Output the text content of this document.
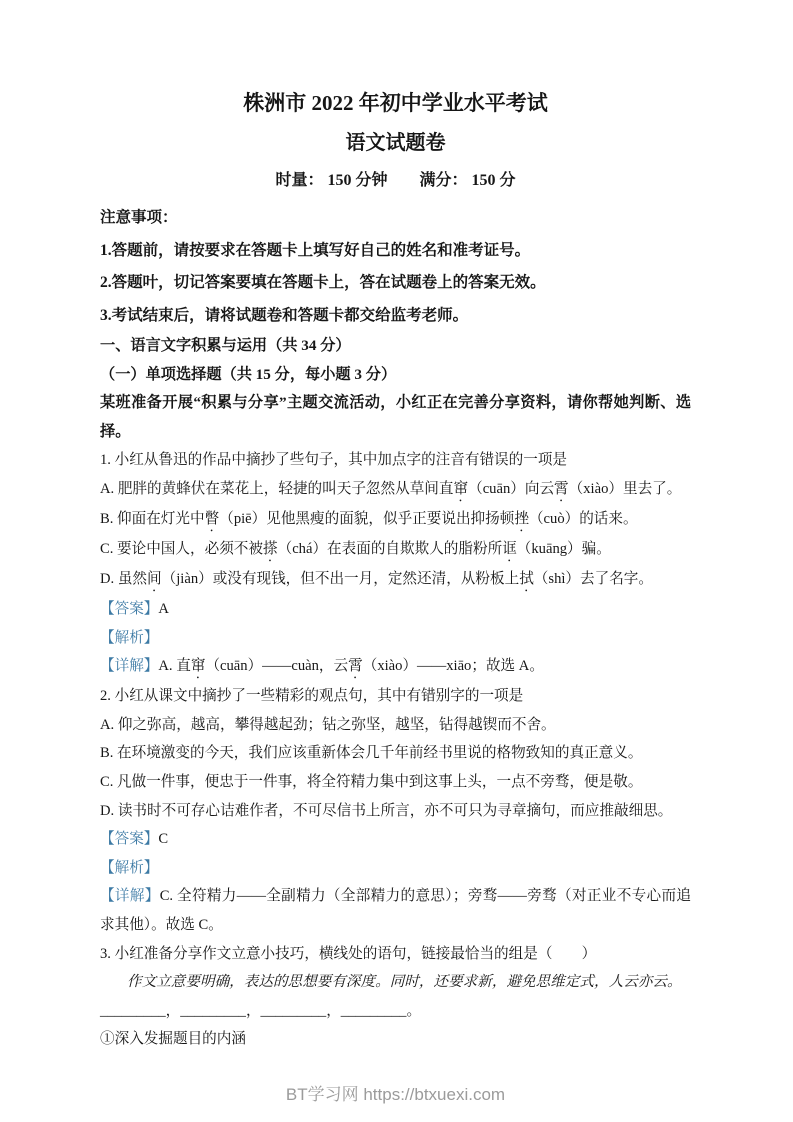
株洲市 2022 年初中学业水平考试
语文试题卷

时量： 150 分钟　　满分： 150 分

注意事项：

1.答题前，请按要求在答题卡上填写好自己的姓名和准考证号。

2.答题叶，切记答案要填在答题卡上，答在试题卷上的答案无效。

3.考试结束后，请将试题卷和答题卡都交给监考老师。

一、语言文字积累与运用（共 34 分）

（一）单项选择题（共 15 分，每小题 3 分）

某班准备开展“积累与分享”主题交流活动，小红正在完善分享资料，请你帮她判断、选择。

1. 小红从鲁迅的作品中摘抄了些句子，其中加点字的注音有错误的一项是

A. 肥胖的黄蜂伏在菜花上，轻捷的叫天子忽然从草间直窜（cuān）向云霄（xiào）里去了。

B. 仰面在灯光中瞥（piē）见他黑瘦的面貌，似乎正要说出抑扬顿挫（cuò）的话来。

C. 要论中国人，必须不被搽（chá）在表面的自欺欺人的脂粉所诓（kuāng）骗。

D. 虽然间（jiàn）或没有现钱，但不出一月，定然还清，从粉板上拭（shì）去了名字。

【答案】A

【解析】

【详解】A. 直窜（cuān）——cuàn，云霄（xiào）——xiāo；故选 A。

2. 小红从课文中摘抄了一些精彩的观点句，其中有错别字的一项是

A. 仰之弥高，越高，攀得越起劲；钻之弥坚，越坚，钻得越锲而不舍。

B. 在环境激变的今天，我们应该重新体会几千年前经书里说的格物致知的真正意义。

C. 凡做一件事，便忠于一件事，将全符精力集中到这事上头，一点不旁骛，便是敬。

D. 读书时不可存心诘难作者，不可尽信书上所言，亦不可只为寻章摘句，而应推敲细思。

【答案】C

【解析】

【详解】C. 全符精力——全副精力（全部精力的意思）；旁骛——旁骛（对正业不专心而追求其他）。故选 C。

3. 小红准备分享作文立意小技巧，横线处的语句，链接最恰当的组是（　　）

作文立意要明确，表达的思想要有深度。同时，还要求新，避免思维定式，人云亦云。

_________，_________，_________，_________。

①深入发掘题目的内涵

BT学习网 https://btxuexi.com
